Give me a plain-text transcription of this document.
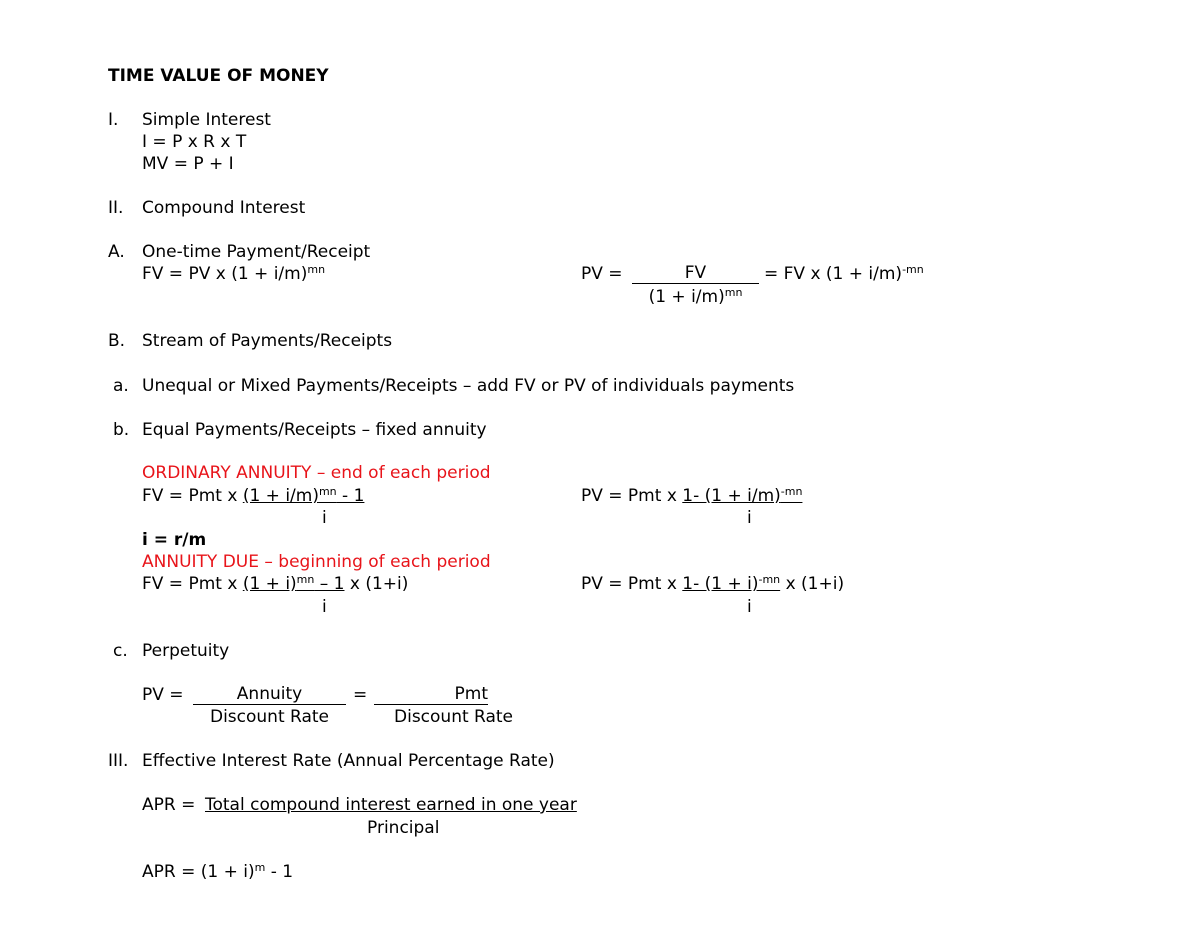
TIME VALUE OF MONEY
I. Simple Interest
I = P x R x T
MV = P + I
II. Compound Interest
A. One-time Payment/Receipt
FV = PV x $(1 + i/m)^{mn}$	PV =	FV
$(1 + i/m)^{mn}$
= FV x $(1 + i/m)^{-mn}$
B. Stream of Payments/Receipts
a. Unequal or Mixed Payments/Receipts – add FV or PV of individuals payments
b. Equal Payments/Receipts – fixed annuity
ORDINARY ANNUITY – end of each period
FV = Pmt x $(1 + i/m)^{mn} - 1$
i
PV = Pmt x 1- $(1 + i/m)^{-mn}$
i
i = r/m
ANNUITY DUE – beginning of each period
FV = Pmt x $(1 + i)^{mn} - 1$ x (1+i)
i
PV = Pmt x 1- $(1 + i)^{-mn}$ x (1+i)
i
c. Perpetuity
PV =	Annuity
Discount Rate
=	Pmt
Discount Rate
III. Effective Interest Rate (Annual Percentage Rate)
APR = Total compound interest earned in one year
Principal
APR = $(1 + i)^m - 1$
